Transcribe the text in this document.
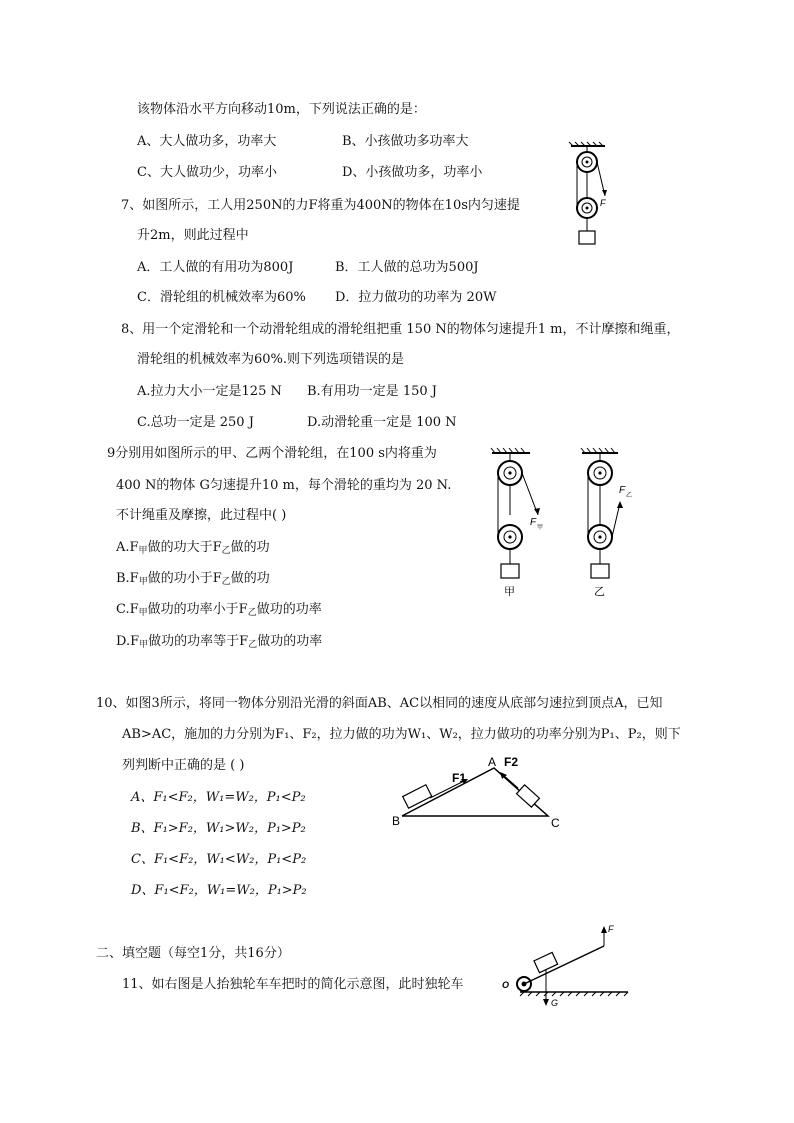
该物体沿水平方向移动10m，下列说法正确的是：
A、大人做功多，功率大	B、小孩做功多功率大
C、大人做功少，功率小	D、小孩做功多，功率小
7、如图所示，工人用250N的力F将重为400N的物体在10s内匀速提
升2m，则此过程中
A．工人做的有用功为800J	B．工人做的总功为500J
C．滑轮组的机械效率为60% D．拉力做功的功率为 20W
F
8、用一个定滑轮和一个动滑轮组成的滑轮组把重 150 N的物体匀速提升1 m，不计摩擦和绳重，
滑轮组的机械效率为60%.则下列选项错误的是
A.拉力大小一定是125 N B.有用功一定是 150 J
C.总功一定是 250 J	D.动滑轮重一定是 100 N
9分别用如图所示的甲、乙两个滑轮组，在100 s内将重为
400 N的物体 G匀速提升10 m，每个滑轮的重均为 20 N.
不计绳重及摩擦，此过程中( )
$A.F_甲$做的功大于$F_乙$做的功
$B.F_甲$做的功小于$F_乙$做的功
$C.F_甲$做功的功率小于$F_乙$做功的功率
$D.F_甲$做功的功率等于$F_乙$做功的功率
F 甲
甲
F 乙
乙
10、如图3所示，将同一物体分别沿光滑的斜面AB、AC以相同的速度从底部匀速拉到顶点A，已知
AB>AC，施加的力分别为F₁、F₂，拉力做的功为W₁、W₂，拉力做功的功率分别为P₁、P₂，则下
列判断中正确的是 ( )
A、F₁<F₂，W₁=W₂，P₁<P₂
B、F₁>F₂，W₁>W₂，P₁>P₂
C、F₁<F₂，W₁<W₂，P₁<P₂
D、F₁<F₂，W₁=W₂，P₁>P₂
A
B	C
F1
F2
二、填空题（每空1分，共16分）
11、如右图是人抬独轮车车把时的简化示意图，此时独轮车
F
O
G
